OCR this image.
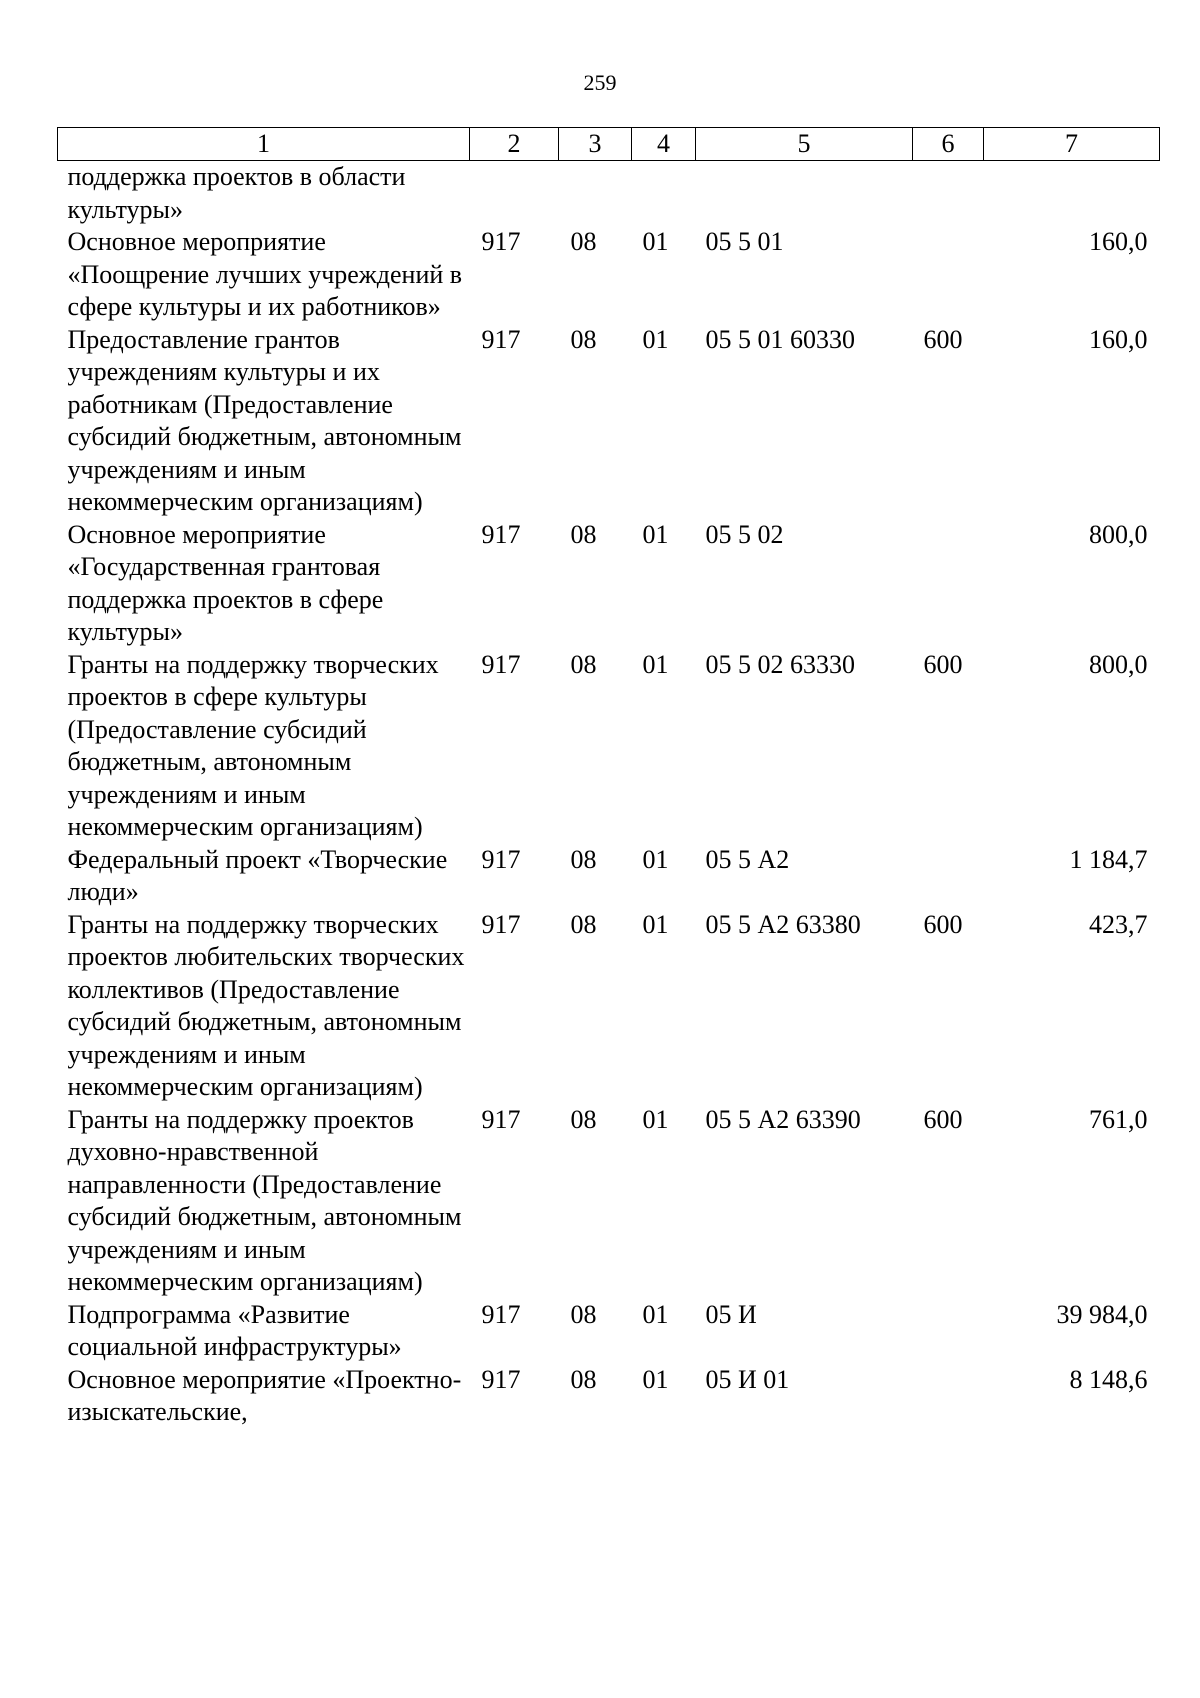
259
1	2	3	4	5	6	7
поддержка проектов в области культуры»						
Основное мероприятие «Поощрение лучших учреждений в сфере культуры и их работников»	917	08	01	05 5 01		160,0
Предоставление грантов учреждениям культуры и их работникам (Предоставление субсидий бюджетным, автономным учреждениям и иным некоммерческим организациям)	917	08	01	05 5 01 60330	600	160,0
Основное мероприятие «Государственная грантовая поддержка проектов в сфере культуры»	917	08	01	05 5 02		800,0
Гранты на поддержку творческих проектов в сфере культуры (Предоставление субсидий бюджетным, автономным учреждениям и иным некоммерческим организациям)	917	08	01	05 5 02 63330	600	800,0
Федеральный проект «Творческие люди»	917	08	01	05 5 А2		1 184,7
Гранты на поддержку творческих проектов любительских творческих коллективов (Предоставление субсидий бюджетным, автономным учреждениям и иным некоммерческим организациям)	917	08	01	05 5 А2 63380	600	423,7
Гранты на поддержку проектов духовно-нравственной направленности (Предоставление субсидий бюджетным, автономным учреждениям и иным некоммерческим организациям)	917	08	01	05 5 А2 63390	600	761,0
Подпрограмма «Развитие социальной инфраструктуры»	917	08	01	05 И		39 984,0
Основное мероприятие «Проектно-изыскательские,	917	08	01	05 И 01		8 148,6
